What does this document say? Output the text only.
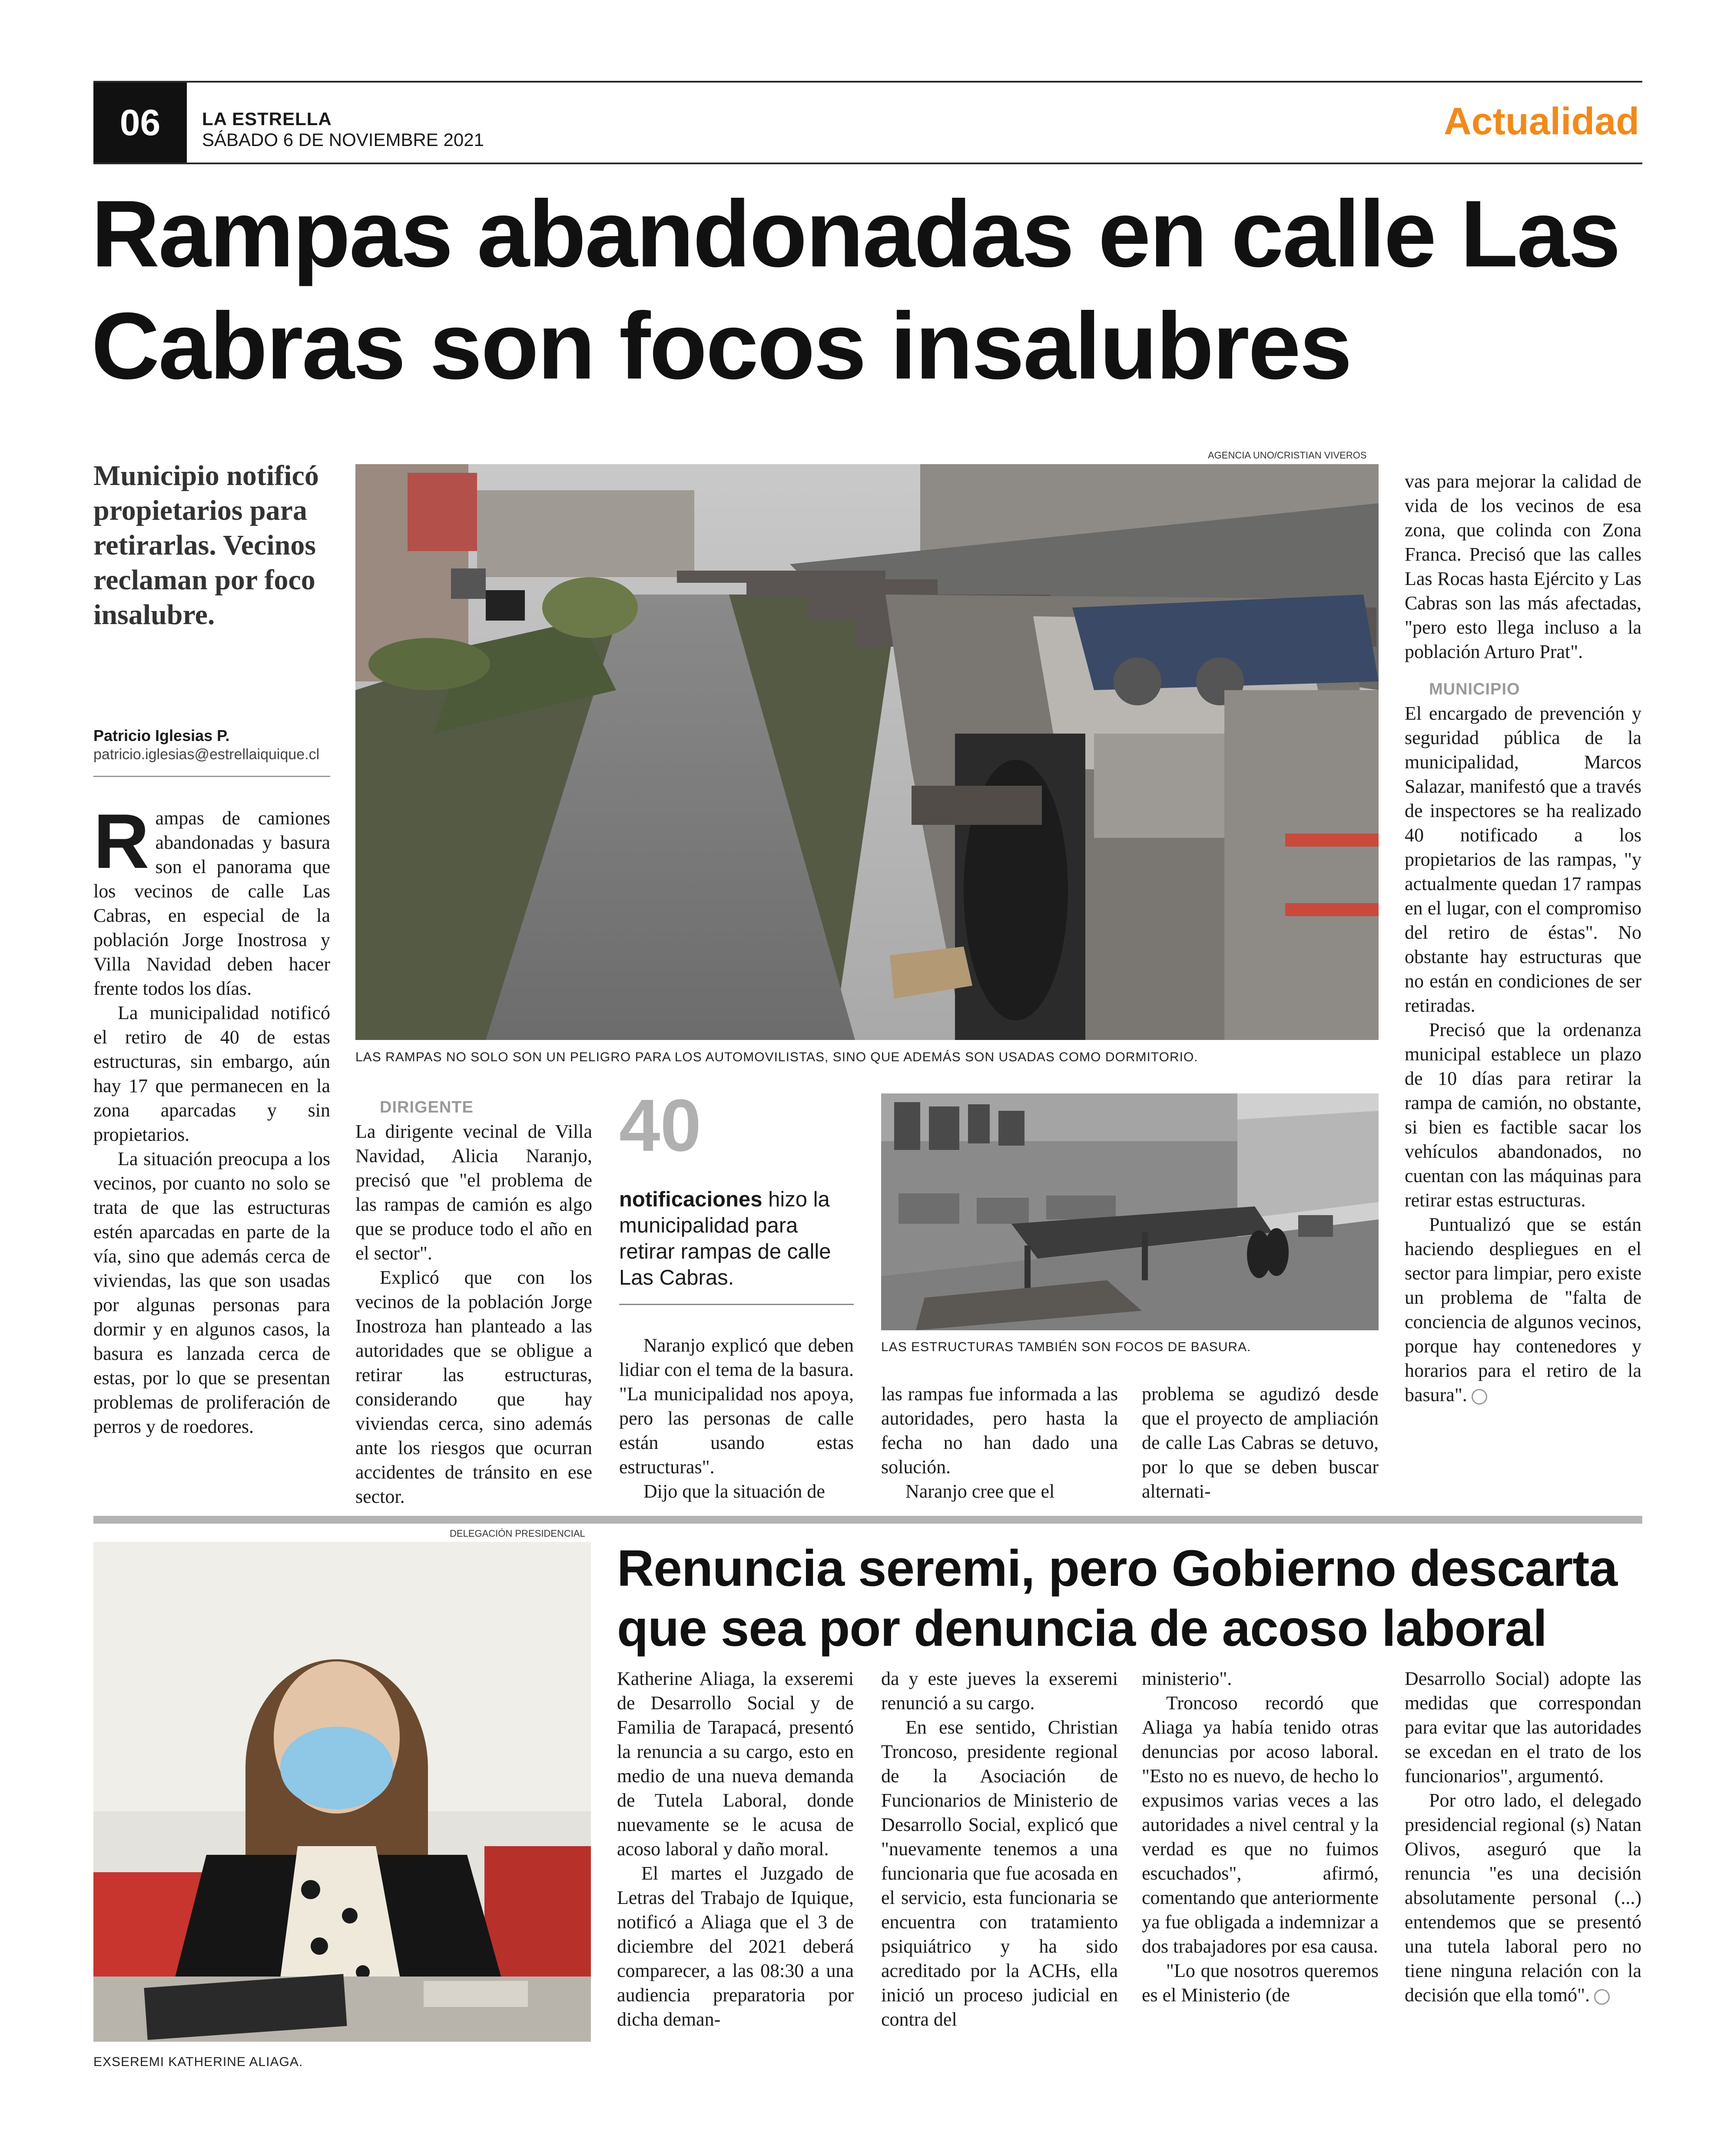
06 LA ESTRELLA
SÁBADO 6 DE NOVIEMBRE 2021	Actualidad
Rampas abandonadas en calle Las Cabras son focos insalubres
Municipio notificó propietarios para retirarlas. Vecinos reclaman por foco insalubre.
Patricio Iglesias P.
patricio.iglesias@estrellaiquique.cl

Rampas de camiones abandonadas y basura son el panorama que los vecinos de calle Las Cabras, en especial de la población Jorge Inostrosa y Villa Navidad deben hacer frente todos los días.

La municipalidad notificó el retiro de 40 de estas estructuras, sin embargo, aún hay 17 que permanecen en la zona aparcadas y sin propietarios.

La situación preocupa a los vecinos, por cuanto no solo se trata de que las estructuras estén aparcadas en parte de la vía, sino que además cerca de viviendas, las que son usadas por algunas personas para dormir y en algunos casos, la basura es lanzada cerca de estas, por lo que se presentan problemas de proliferación de perros y de roedores.

AGENCIA UNO/CRISTIAN VIVEROS
LAS RAMPAS NO SOLO SON UN PELIGRO PARA LOS AUTOMOVILISTAS, SINO QUE ADEMÁS SON USADAS COMO DORMITORIO.

DIRIGENTE

La dirigente vecinal de Villa Navidad, Alicia Naranjo, precisó que "el problema de las rampas de camión es algo que se produce todo el año en el sector".

Explicó que con los vecinos de la población Jorge Inostroza han planteado a las autoridades que se obligue a retirar las estructuras, considerando que hay viviendas cerca, sino además ante los riesgos que ocurran accidentes de tránsito en ese sector.

40
notificaciones hizo la municipalidad para retirar rampas de calle Las Cabras.

Naranjo explicó que deben lidiar con el tema de la basura. "La municipalidad nos apoya, pero las personas de calle están usando estas estructuras".

Dijo que la situación de

LAS ESTRUCTURAS TAMBIÉN SON FOCOS DE BASURA.

las rampas fue informada a las autoridades, pero hasta la fecha no han dado una solución.

Naranjo cree que el

problema se agudizó desde que el proyecto de ampliación de calle Las Cabras se detuvo, por lo que se deben buscar alternati-

vas para mejorar la calidad de vida de los vecinos de esa zona, que colinda con Zona Franca. Precisó que las calles Las Rocas hasta Ejército y Las Cabras son las más afectadas, "pero esto llega incluso a la población Arturo Prat".

MUNICIPIO

El encargado de prevención y seguridad pública de la municipalidad, Marcos Salazar, manifestó que a través de inspectores se ha realizado 40 notificado a los propietarios de las rampas, "y actualmente quedan 17 rampas en el lugar, con el compromiso del retiro de éstas". No obstante hay estructuras que no están en condiciones de ser retiradas.

Precisó que la ordenanza municipal establece un plazo de 10 días para retirar la rampa de camión, no obstante, si bien es factible sacar los vehículos abandonados, no cuentan con las máquinas para retirar estas estructuras.

Puntualizó que se están haciendo despliegues en el sector para limpiar, pero existe un problema de "falta de conciencia de algunos vecinos, porque hay contenedores y horarios para el retiro de la basura".

DELEGACIÓN PRESIDENCIAL
EXSEREMI KATHERINE ALIAGA.
Renuncia seremi, pero Gobierno descarta que sea por denuncia de acoso laboral

Katherine Aliaga, la exseremi de Desarrollo Social y de Familia de Tarapacá, presentó la renuncia a su cargo, esto en medio de una nueva demanda de Tutela Laboral, donde nuevamente se le acusa de acoso laboral y daño moral.

El martes el Juzgado de Letras del Trabajo de Iquique, notificó a Aliaga que el 3 de diciembre del 2021 deberá comparecer, a las 08:30 a una audiencia preparatoria por dicha deman-

da y este jueves la exseremi renunció a su cargo.

En ese sentido, Christian Troncoso, presidente regional de la Asociación de Funcionarios de Ministerio de Desarrollo Social, explicó que "nuevamente tenemos a una funcionaria que fue acosada en el servicio, esta funcionaria se encuentra con tratamiento psiquiátrico y ha sido acreditado por la ACHs, ella inició un proceso judicial en contra del

ministerio".

Troncoso recordó que Aliaga ya había tenido otras denuncias por acoso laboral. "Esto no es nuevo, de hecho lo expusimos varias veces a las autoridades a nivel central y la verdad es que no fuimos escuchados", afirmó, comentando que anteriormente ya fue obligada a indemnizar a dos trabajadores por esa causa.

"Lo que nosotros queremos es el Ministerio (de

Desarrollo Social) adopte las medidas que correspondan para evitar que las autoridades se excedan en el trato de los funcionarios", argumentó.

Por otro lado, el delegado presidencial regional (s) Natan Olivos, aseguró que la renuncia "es una decisión absolutamente personal (...) entendemos que se presentó una tutela laboral pero no tiene ninguna relación con la decisión que ella tomó".
